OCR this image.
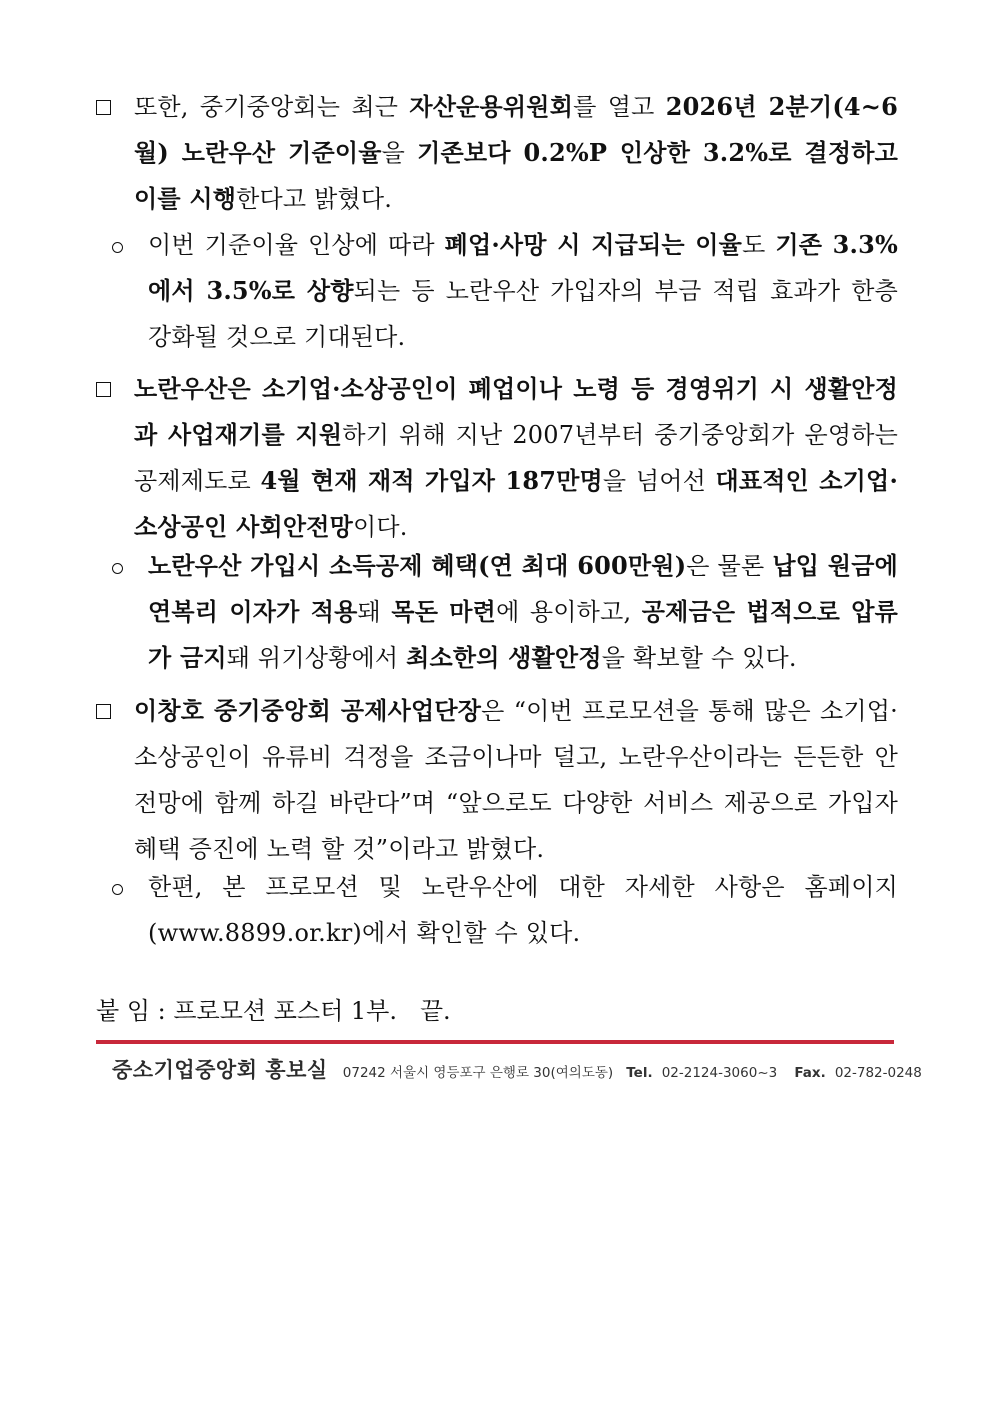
또한, 중기중앙회는 최근 자산운용위원회를 열고 2026년 2분기(4~6월) 노란우산 기준이율을 기존보다 0.2%P 인상한 3.2%로 결정하고 이를 시행한다고 밝혔다.
이번 기준이율 인상에 따라 폐업·사망 시 지급되는 이율도 기존 3.3%에서 3.5%로 상향되는 등 노란우산 가입자의 부금 적립 효과가 한층 강화될 것으로 기대된다.
노란우산은 소기업·소상공인이 폐업이나 노령 등 경영위기 시 생활안정과 사업재기를 지원하기 위해 지난 2007년부터 중기중앙회가 운영하는 공제제도로 4월 현재 재적 가입자 187만명을 넘어선 대표적인 소기업·소상공인 사회안전망이다.
노란우산 가입시 소득공제 혜택(연 최대 600만원)은 물론 납입 원금에 연복리 이자가 적용돼 목돈 마련에 용이하고, 공제금은 법적으로 압류가 금지돼 위기상황에서 최소한의 생활안정을 확보할 수 있다.
이창호 중기중앙회 공제사업단장은 “이번 프로모션을 통해 많은 소기업·소상공인이 유류비 걱정을 조금이나마 덜고, 노란우산이라는 든든한 안전망에 함께 하길 바란다”며 “앞으로도 다양한 서비스 제공으로 가입자 혜택 증진에 노력 할 것”이라고 밝혔다.
한편, 본 프로모션 및 노란우산에 대한 자세한 사항은 홈페이지 (www.8899.or.kr)에서 확인할 수 있다.
붙 임 : 프로모션 포스터 1부.   끝.
중소기업중앙회 홍보실 07242 서울시 영등포구 은행로 30(여의도동) Tel. 02-2124-3060~3 Fax. 02-782-0248
